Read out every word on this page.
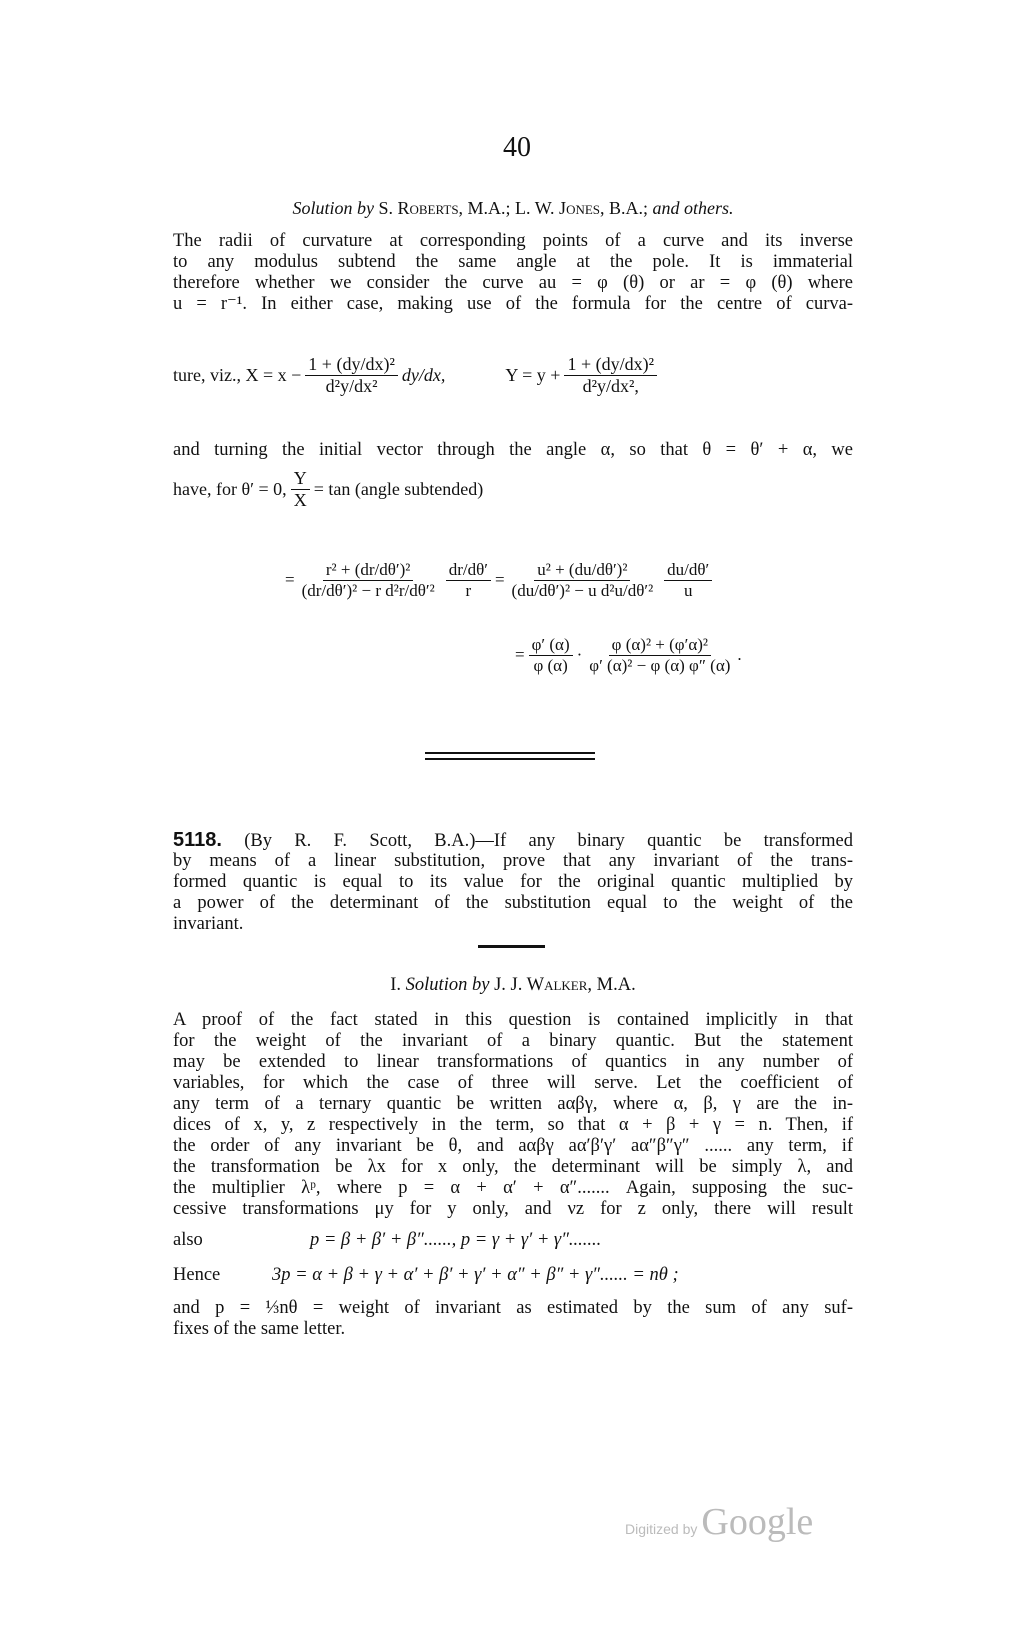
40
Solution by S. Roberts, M.A.; L. W. Jones, B.A.; and others.
The radii of curvature at corresponding points of a curve and its inverse
to any modulus subtend the same angle at the pole. It is immaterial
therefore whether we consider the curve au = φ (θ) or ar = φ (θ) where
u = r⁻¹. In either case, making use of the formula for the centre of curva-
ture, viz.,
$X = x - \frac{\text{1 + (dy/dx)²}}{\text{d²y/dx²}} dy/dx$,	$Y = y + \frac{\text{1 + (dy/dx)²}}{\text{d²y/dx²,}}$
and turning the initial vector through the angle α, so that θ = θ′ + α, we
have, for θ′ = 0, $\frac{Y}{X} = \tan$ (angle subtended)
= $\frac{\text{r² + (dr/dθ′)²}}{\text{(dr/dθ′)² − r d²r/dθ′²}} \frac{dr/d\theta'}{r} = \frac{\text{u² + (du/dθ′)²}}{\text{(du/dθ′)² − u d²u/dθ′²}} \frac{du/d\theta'}{u}$
= $\frac{\varphi' (\alpha)}{\varphi (\alpha)} \cdot \frac{\text{φ (α)² + (φ′α)²}}{\text{φ′ (α)² − φ (α) φ″ (α)}}$ .
5118. (By R. F. Scott, B.A.)—If any binary quantic be transformed
by means of a linear substitution, prove that any invariant of the trans-
formed quantic is equal to its value for the original quantic multiplied by
a power of the determinant of the substitution equal to the weight of the
invariant.
I. Solution by J. J. Walker, M.A.
A proof of the fact stated in this question is contained implicitly in that
for the weight of the invariant of a binary quantic. But the statement
may be extended to linear transformations of quantics in any number of
variables, for which the case of three will serve. Let the coefficient of
any term of a ternary quantic be written aαβγ, where α, β, γ are the in-
dices of x, y, z respectively in the term, so that α + β + γ = n. Then, if
the order of any invariant be θ, and aαβγ aα′β′γ′ aα″β″γ″ ...... any term, if
the transformation be λx for x only, the determinant will be simply λ, and
the multiplier λᵖ, where p = α + α′ + α″....... Again, supposing the suc-
cessive transformations μy for y only, and νz for z only, there will result
also	p = β + β′ + β″......, p = γ + γ′ + γ″.......
Hence	3p = α + β + γ + α′ + β′ + γ′ + α″ + β″ + γ″...... = nθ ;
and p = ⅓nθ = weight of invariant as estimated by the sum of any suf-
fixes of the same letter.
Digitized by Google
